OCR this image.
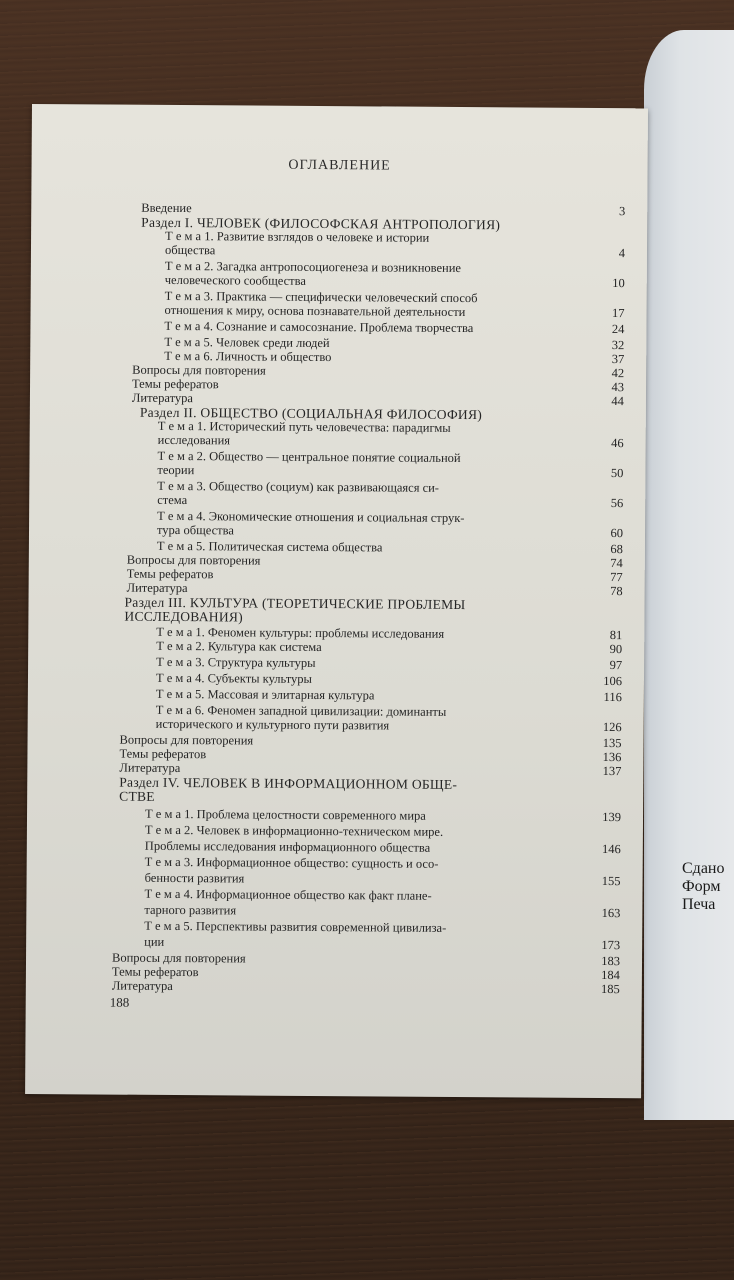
Сдано
Форм
Печа
ОГЛАВЛЕНИЕ
Введение	3
Раздел I. ЧЕЛОВЕК (ФИЛОСОФСКАЯ АНТРОПОЛОГИЯ)
Т е м а 1. Развитие взглядов о человеке и истории
общества	4
Т е м а 2. Загадка антропосоциогенеза и возникновение
человеческого сообщества	10
Т е м а 3. Практика — специфически человеческий способ
отношения к миру, основа познавательной деятельности	17
Т е м а 4. Сознание и самосознание. Проблема творчества	24
Т е м а 5. Человек среди людей	32
Т е м а 6. Личность и общество	37
Вопросы для повторения	42
Темы рефератов	43
Литература	44
Раздел II. ОБЩЕСТВО (СОЦИАЛЬНАЯ ФИЛОСОФИЯ)
Т е м а 1. Исторический путь человечества: парадигмы
исследования	46
Т е м а 2. Общество — центральное понятие социальной
теории	50
Т е м а 3. Общество (социум) как развивающаяся си-
стема	56
Т е м а 4. Экономические отношения и социальная струк-
тура общества	60
Т е м а 5. Политическая система общества	68
Вопросы для повторения	74
Темы рефератов	77
Литература	78
Раздел III. КУЛЬТУРА (ТЕОРЕТИЧЕСКИЕ ПРОБЛЕМЫ
ИССЛЕДОВАНИЯ)
Т е м а 1. Феномен культуры: проблемы исследования	81
Т е м а 2. Культура как система	90
Т е м а 3. Структура культуры	97
Т е м а 4. Субъекты культуры	106
Т е м а 5. Массовая и элитарная культура	116
Т е м а 6. Феномен западной цивилизации: доминанты
исторического и культурного пути развития	126
Вопросы для повторения	135
Темы рефератов	136
Литература	137
Раздел IV. ЧЕЛОВЕК В ИНФОРМАЦИОННОМ ОБЩЕ-
СТВЕ
Т е м а 1. Проблема целостности современного мира	139
Т е м а 2. Человек в информационно-техническом мире.
Проблемы исследования информационного общества	146
Т е м а 3. Информационное общество: сущность и осо-
бенности развития	155
Т е м а 4. Информационное общество как факт плане-
тарного развития	163
Т е м а 5. Перспективы развития современной цивилиза-
ции	173
Вопросы для повторения	183
Темы рефератов	184
Литература	185
188
